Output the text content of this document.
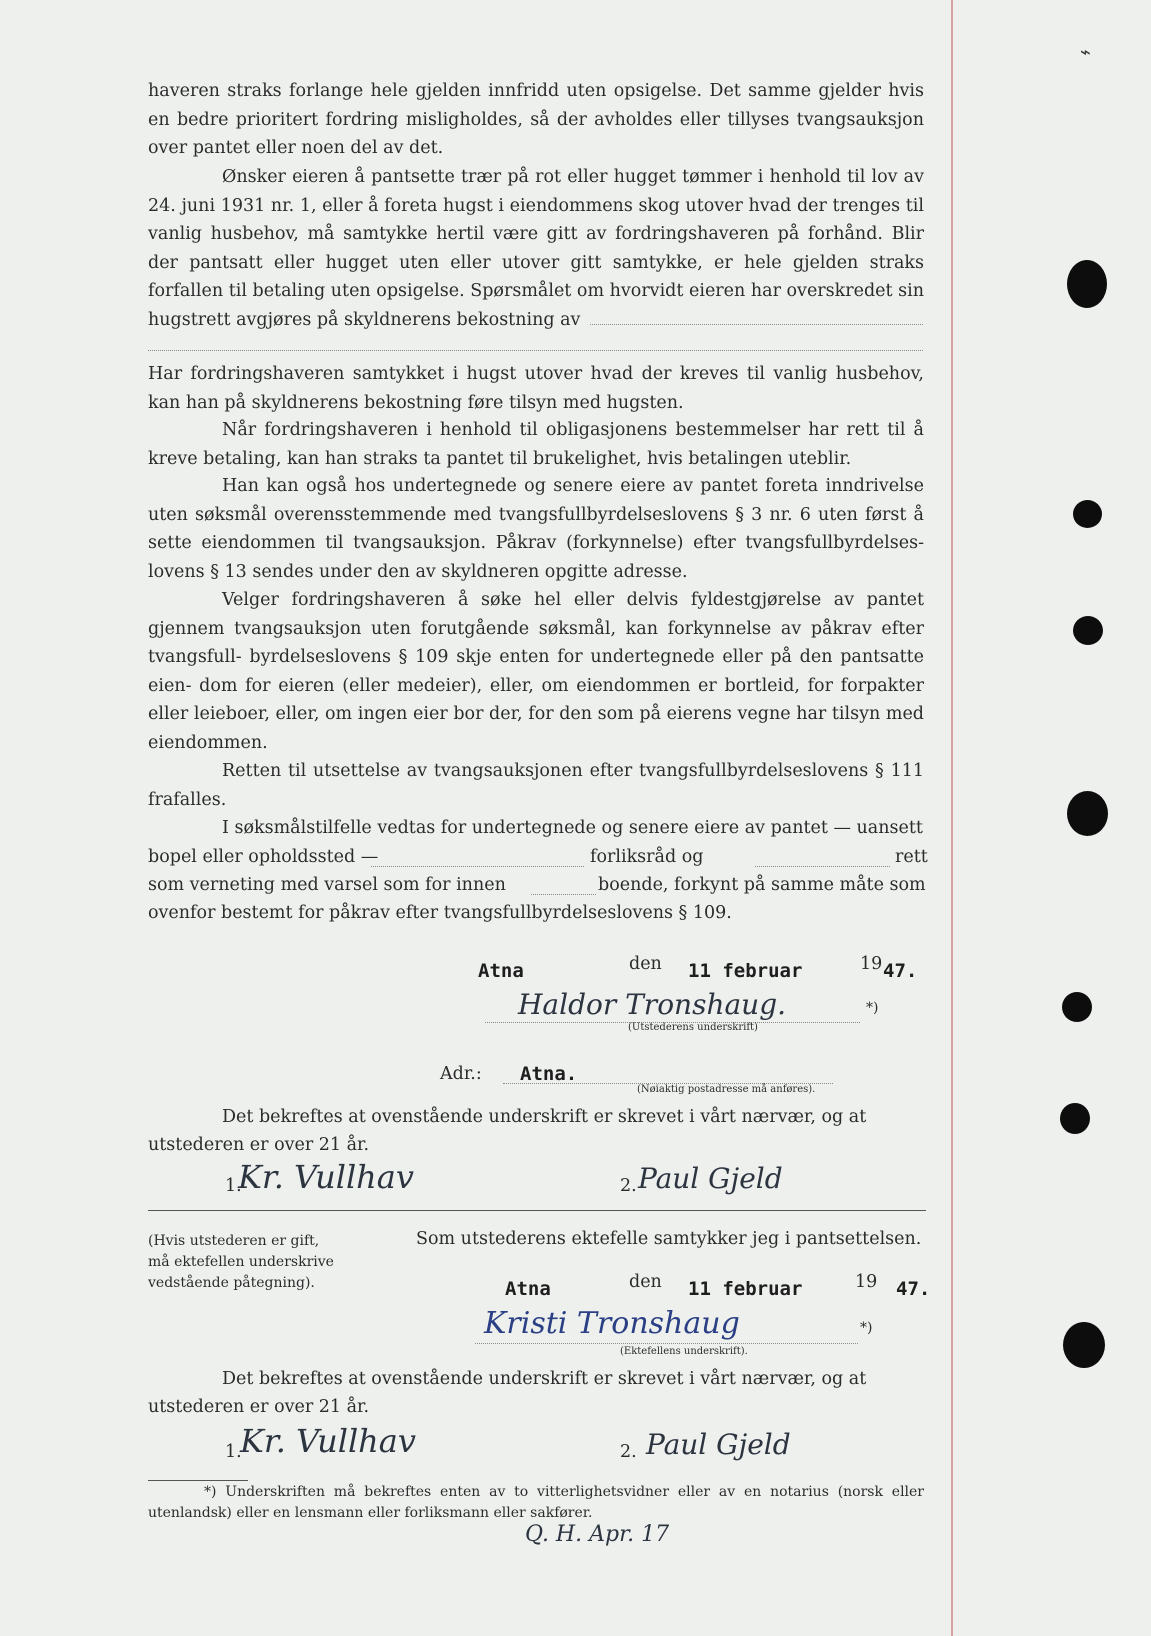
⌁

haveren straks forlange hele gjelden innfridd uten opsigelse. Det samme gjelder hvis en bedre prioritert fordring misligholdes, så der avholdes eller tillyses tvangsauksjon over pantet eller noen del av det.

Ønsker eieren å pantsette trær på rot eller hugget tømmer i henhold til lov av 24. juni 1931 nr. 1, eller å foreta hugst i eiendommens skog utover hvad der trenges til vanlig husbehov, må samtykke hertil være gitt av fordringshaveren på forhånd. Blir der pantsatt eller hugget uten eller utover gitt samtykke, er hele gjelden straks forfallen til betaling uten opsigelse. Spørsmålet om hvorvidt eieren har overskredet sin hugstrett avgjøres på skyldnerens bekostning av

Har fordringshaveren samtykket i hugst utover hvad der kreves til vanlig husbehov, kan han på skyldnerens bekostning føre tilsyn med hugsten.

Når fordringshaveren i henhold til obligasjonens bestemmelser har rett til å kreve betaling, kan han straks ta pantet til brukelighet, hvis betalingen uteblir.

Han kan også hos undertegnede og senere eiere av pantet foreta inndrivelse uten søksmål overensstemmende med tvangsfullbyrdelseslovens § 3 nr. 6 uten først å sette eiendommen til tvangsauksjon. Påkrav (forkynnelse) efter tvangsfullbyrdelses- lovens § 13 sendes under den av skyldneren opgitte adresse.

Velger fordringshaveren å søke hel eller delvis fyldestgjørelse av pantet gjennem tvangsauksjon uten forutgående søksmål, kan forkynnelse av påkrav efter tvangsfull- byrdelseslovens § 109 skje enten for undertegnede eller på den pantsatte eien- dom for eieren (eller medeier), eller, om eiendommen er bortleid, for forpakter eller leieboer, eller, om ingen eier bor der, for den som på eierens vegne har tilsyn med eiendommen.

Retten til utsettelse av tvangsauksjonen efter tvangsfullbyrdelseslovens § 111 frafalles.

I søksmålstilfelle vedtas for undertegnede og senere eiere av pantet — uansett

bopel eller opholdssted —	forliksråd og	rett
som verneting med varsel som for innen	boende, forkynt på samme måte som
ovenfor bestemt for påkrav efter tvangsfullbyrdelseslovens § 109.
Atna	den 11 februar	19 47.
Haldor Tronshaug.	*)
(Utstederens underskrift)
Adr.: Atna.
(Nøiaktig postadresse må anføres).
Det bekreftes at ovenstående underskrift er skrevet i vårt nærvær, og at
utstederen er over 21 år.
1.
Kr. Vullhav	2. Paul Gjeld
(Hvis utstederen er gift,
må ektefellen underskrive
vedstående påtegning).
Som utstederens ektefelle samtykker jeg i pantsettelsen.
Atna	den 11 februar	19 47.
Kristi Tronshaug	*)
(Ektefellens underskrift).
Det bekreftes at ovenstående underskrift er skrevet i vårt nærvær, og at
utstederen er over 21 år.
1.
Kr. Vullhav	2. Paul Gjeld

*) Underskriften må bekreftes enten av to vitterlighetsvidner eller av en notarius (norsk eller utenlandsk) eller en lensmann eller forliksmann eller sakfører.

Q. H. Apr. 17
